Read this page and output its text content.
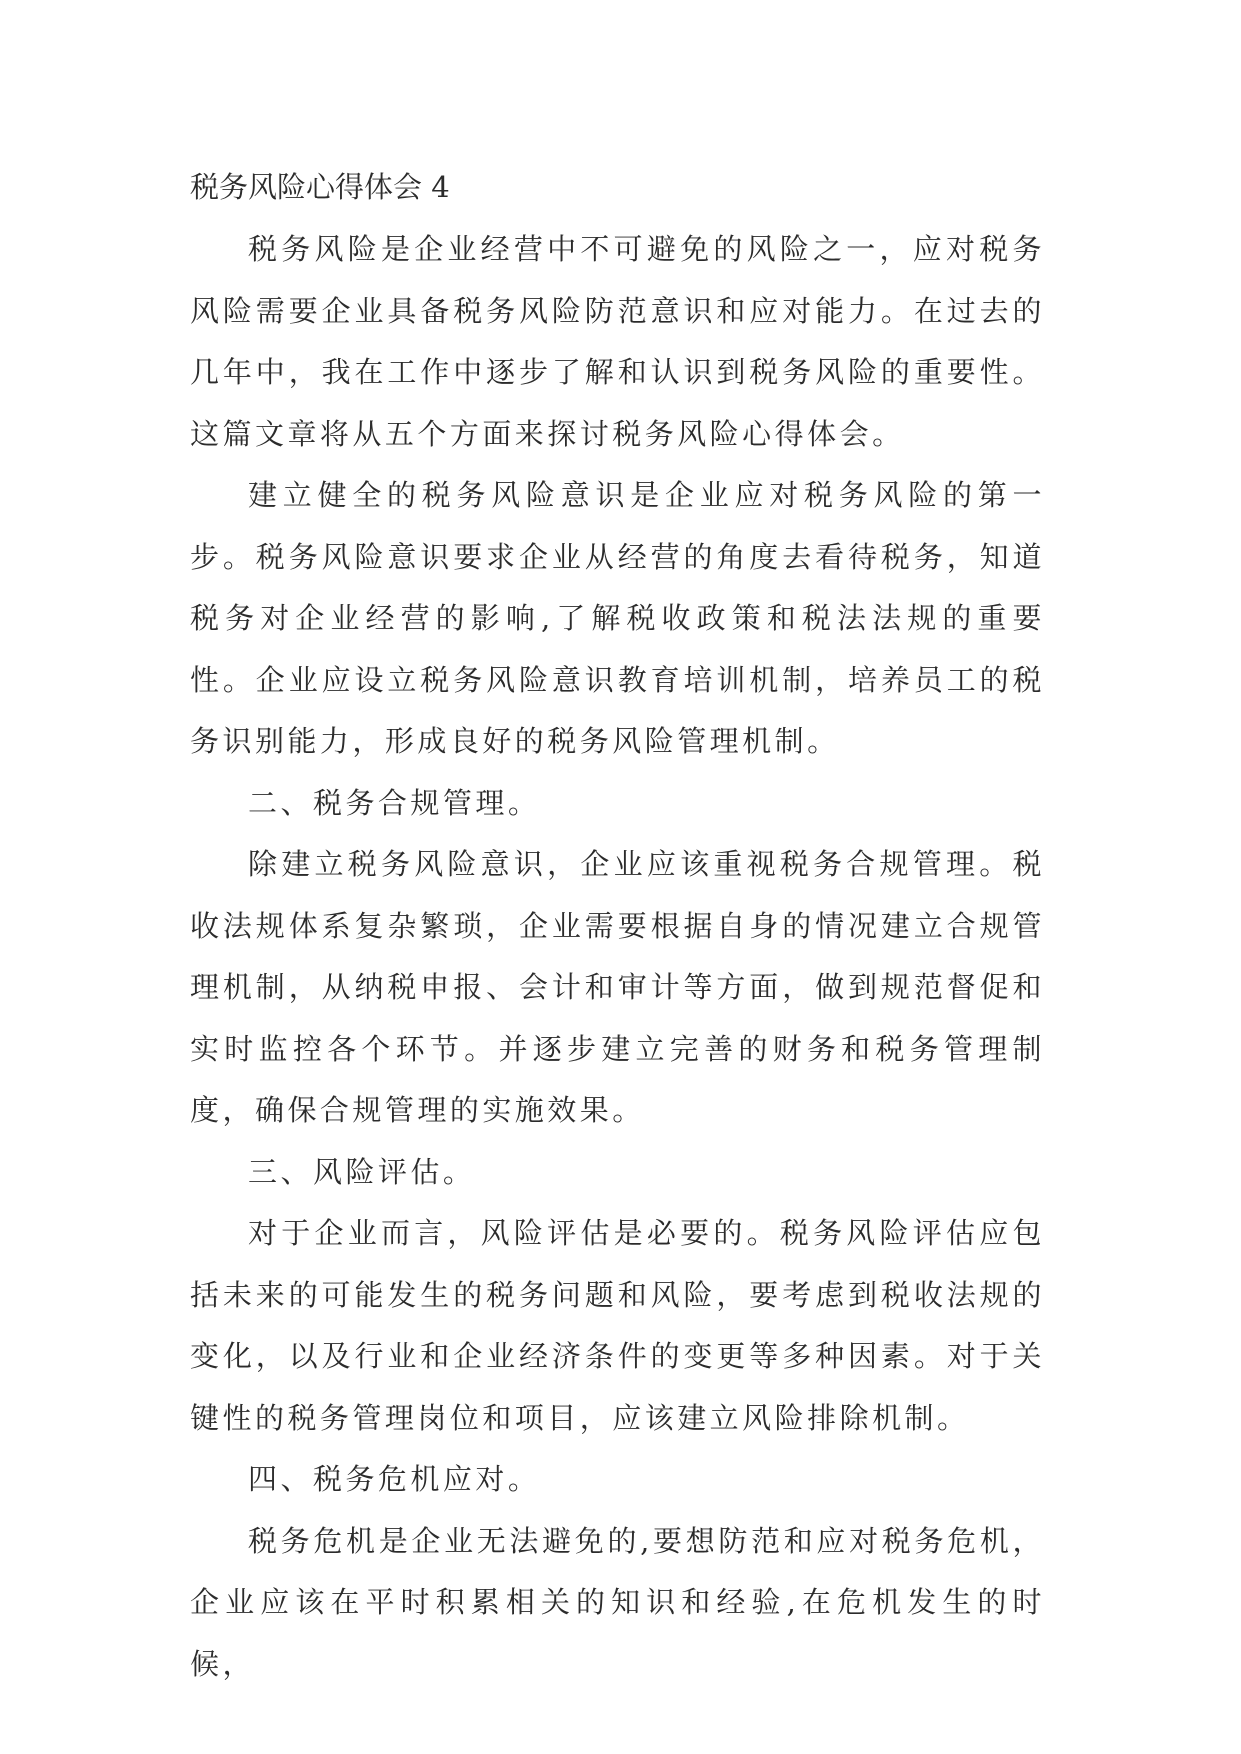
税务风险心得体会 4

税务风险是企业经营中不可避免的风险之一，应对税务风险需要企业具备税务风险防范意识和应对能力。在过去的几年中，我在工作中逐步了解和认识到税务风险的重要性。这篇文章将从五个方面来探讨税务风险心得体会。

建立健全的税务风险意识是企业应对税务风险的第一步。税务风险意识要求企业从经营的角度去看待税务，知道税务对企业经营的影响,了解税收政策和税法法规的重要性。企业应设立税务风险意识教育培训机制，培养员工的税务识别能力，形成良好的税务风险管理机制。

二、税务合规管理。

除建立税务风险意识，企业应该重视税务合规管理。税收法规体系复杂繁琐，企业需要根据自身的情况建立合规管理机制，从纳税申报、会计和审计等方面，做到规范督促和实时监控各个环节。并逐步建立完善的财务和税务管理制度，确保合规管理的实施效果。

三、风险评估。

对于企业而言，风险评估是必要的。税务风险评估应包括未来的可能发生的税务问题和风险，要考虑到税收法规的变化，以及行业和企业经济条件的变更等多种因素。对于关键性的税务管理岗位和项目，应该建立风险排除机制。

四、税务危机应对。

税务危机是企业无法避免的,要想防范和应对税务危机，企业应该在平时积累相关的知识和经验,在危机发生的时候，
